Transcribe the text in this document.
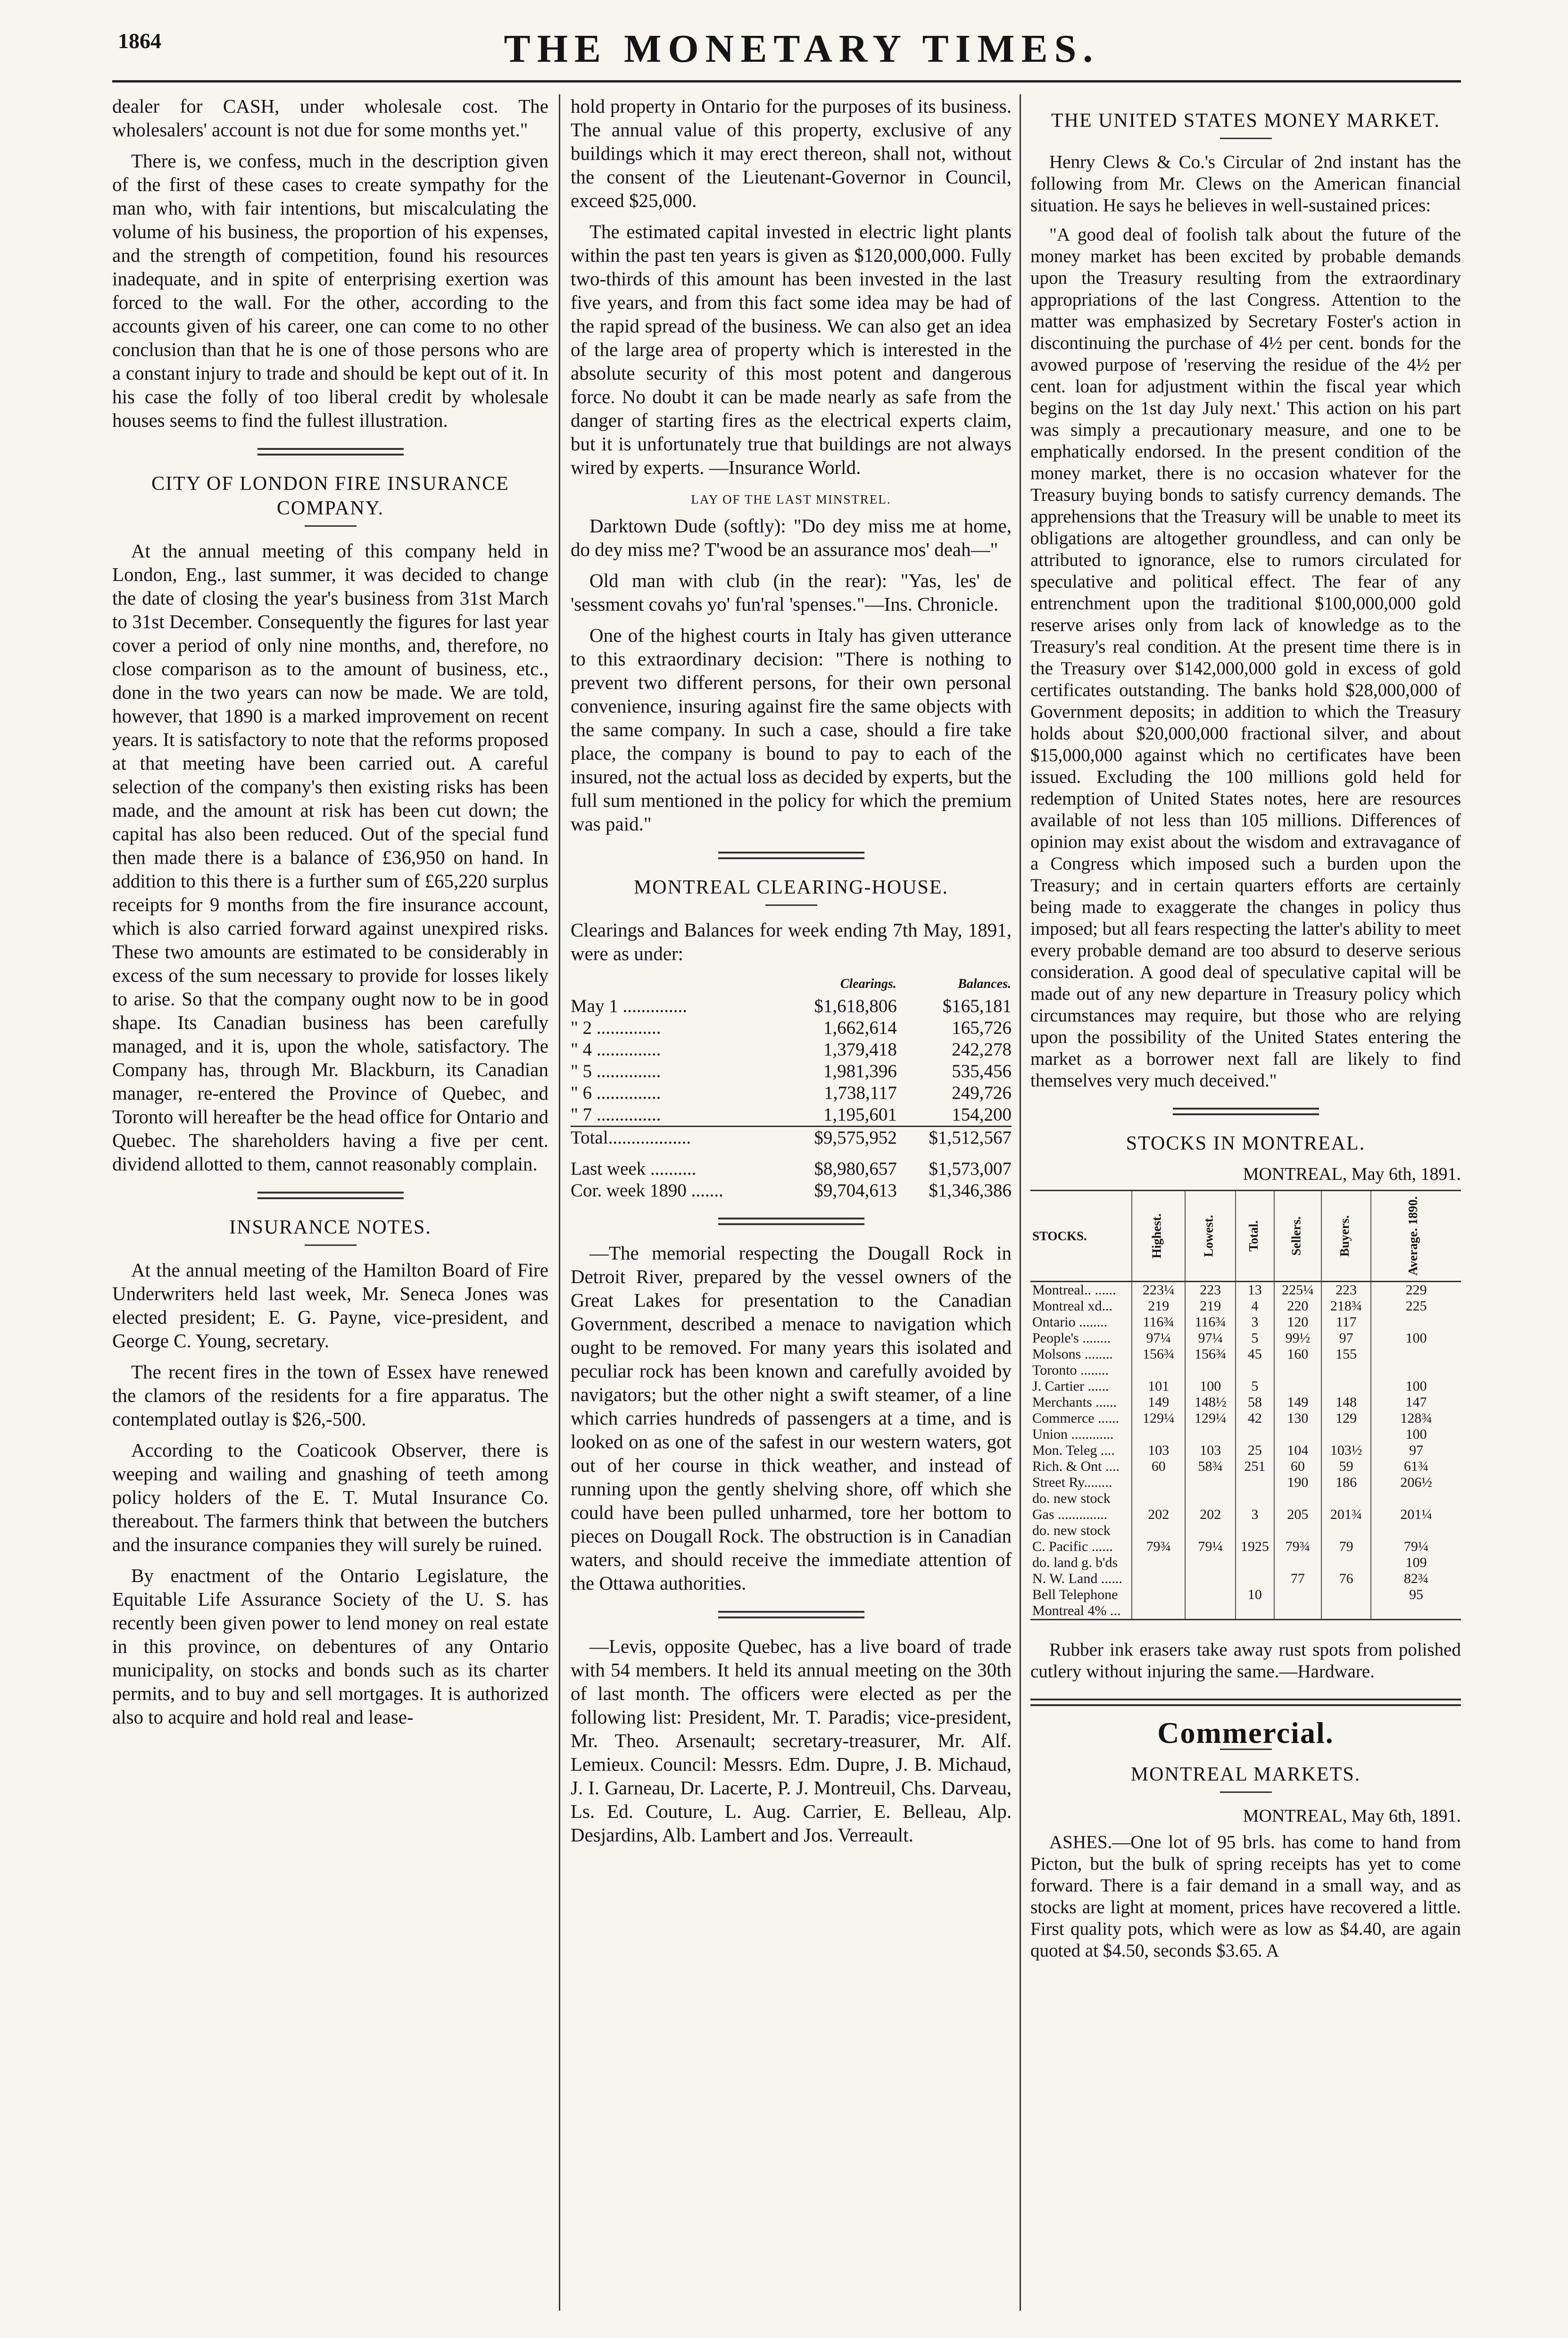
1864	THE MONETARY TIMES.

dealer for CASH, under wholesale cost. The wholesalers' account is not due for some months yet."

There is, we confess, much in the description given of the first of these cases to create sympathy for the man who, with fair intentions, but miscalculating the volume of his business, the proportion of his expenses, and the strength of competition, found his resources inadequate, and in spite of enterprising exertion was forced to the wall. For the other, according to the accounts given of his career, one can come to no other conclusion than that he is one of those persons who are a constant injury to trade and should be kept out of it. In his case the folly of too liberal credit by wholesale houses seems to find the fullest illustration.

CITY OF LONDON FIRE INSURANCE COMPANY.

At the annual meeting of this company held in London, Eng., last summer, it was decided to change the date of closing the year's business from 31st March to 31st December. Consequently the figures for last year cover a period of only nine months, and, therefore, no close comparison as to the amount of business, etc., done in the two years can now be made. We are told, however, that 1890 is a marked improvement on recent years. It is satisfactory to note that the reforms proposed at that meeting have been carried out. A careful selection of the company's then existing risks has been made, and the amount at risk has been cut down; the capital has also been reduced. Out of the special fund then made there is a balance of £36,950 on hand. In addition to this there is a further sum of £65,220 surplus receipts for 9 months from the fire insurance account, which is also carried forward against unexpired risks. These two amounts are estimated to be considerably in excess of the sum necessary to provide for losses likely to arise. So that the company ought now to be in good shape. Its Canadian business has been carefully managed, and it is, upon the whole, satisfactory. The Company has, through Mr. Blackburn, its Canadian manager, re-entered the Province of Quebec, and Toronto will hereafter be the head office for Ontario and Quebec. The shareholders having a five per cent. dividend allotted to them, cannot reasonably complain.

INSURANCE NOTES.

At the annual meeting of the Hamilton Board of Fire Underwriters held last week, Mr. Seneca Jones was elected president; E. G. Payne, vice-president, and George C. Young, secretary.

The recent fires in the town of Essex have renewed the clamors of the residents for a fire apparatus. The contemplated outlay is $26,-500.

According to the Coaticook Observer, there is weeping and wailing and gnashing of teeth among policy holders of the E. T. Mutal Insurance Co. thereabout. The farmers think that between the butchers and the insurance companies they will surely be ruined.

By enactment of the Ontario Legislature, the Equitable Life Assurance Society of the U. S. has recently been given power to lend money on real estate in this province, on debentures of any Ontario municipality, on stocks and bonds such as its charter permits, and to buy and sell mortgages. It is authorized also to acquire and hold real and lease-

hold property in Ontario for the purposes of its business. The annual value of this property, exclusive of any buildings which it may erect thereon, shall not, without the consent of the Lieutenant-Governor in Council, exceed $25,000.

The estimated capital invested in electric light plants within the past ten years is given as $120,000,000. Fully two-thirds of this amount has been invested in the last five years, and from this fact some idea may be had of the rapid spread of the business. We can also get an idea of the large area of property which is interested in the absolute security of this most potent and dangerous force. No doubt it can be made nearly as safe from the danger of starting fires as the electrical experts claim, but it is unfortunately true that buildings are not always wired by experts. —Insurance World.

LAY OF THE LAST MINSTREL.

Darktown Dude (softly): "Do dey miss me at home, do dey miss me? T'wood be an assurance mos' deah—"

Old man with club (in the rear): "Yas, les' de 'sessment covahs yo' fun'ral 'spenses."—Ins. Chronicle.

One of the highest courts in Italy has given utterance to this extraordinary decision: "There is nothing to prevent two different persons, for their own personal convenience, insuring against fire the same objects with the same company. In such a case, should a fire take place, the company is bound to pay to each of the insured, not the actual loss as decided by experts, but the full sum mentioned in the policy for which the premium was paid."

MONTREAL CLEARING-HOUSE.

Clearings and Balances for week ending 7th May, 1891, were as under:

	Clearings.	Balances.
May 1 ..............	$1,618,806	$165,181
" 2 ..............	1,662,614	165,726
" 4 ..............	1,379,418	242,278
" 5 ..............	1,981,396	535,456
" 6 ..............	1,738,117	249,726
" 7 ..............	1,195,601	154,200

Total..................	$9,575,952	$1,512,567

Last week ..........	$8,980,657	$1,573,007
Cor. week 1890 .......	$9,704,613	$1,346,386

—The memorial respecting the Dougall Rock in Detroit River, prepared by the vessel owners of the Great Lakes for presentation to the Canadian Government, described a menace to navigation which ought to be removed. For many years this isolated and peculiar rock has been known and carefully avoided by navigators; but the other night a swift steamer, of a line which carries hundreds of passengers at a time, and is looked on as one of the safest in our western waters, got out of her course in thick weather, and instead of running upon the gently shelving shore, off which she could have been pulled unharmed, tore her bottom to pieces on Dougall Rock. The obstruction is in Canadian waters, and should receive the immediate attention of the Ottawa authorities.

—Levis, opposite Quebec, has a live board of trade with 54 members. It held its annual meeting on the 30th of last month. The officers were elected as per the following list: President, Mr. T. Paradis; vice-president, Mr. Theo. Arsenault; secretary-treasurer, Mr. Alf. Lemieux. Council: Messrs. Edm. Dupre, J. B. Michaud, J. I. Garneau, Dr. Lacerte, P. J. Montreuil, Chs. Darveau, Ls. Ed. Couture, L. Aug. Carrier, E. Belleau, Alp. Desjardins, Alb. Lambert and Jos. Verreault.

THE UNITED STATES MONEY MARKET.

Henry Clews & Co.'s Circular of 2nd instant has the following from Mr. Clews on the American financial situation. He says he believes in well-sustained prices:

"A good deal of foolish talk about the future of the money market has been excited by probable demands upon the Treasury resulting from the extraordinary appropriations of the last Congress. Attention to the matter was emphasized by Secretary Foster's action in discontinuing the purchase of 4½ per cent. bonds for the avowed purpose of 'reserving the residue of the 4½ per cent. loan for adjustment within the fiscal year which begins on the 1st day July next.' This action on his part was simply a precautionary measure, and one to be emphatically endorsed. In the present condition of the money market, there is no occasion whatever for the Treasury buying bonds to satisfy currency demands. The apprehensions that the Treasury will be unable to meet its obligations are altogether groundless, and can only be attributed to ignorance, else to rumors circulated for speculative and political effect. The fear of any entrenchment upon the traditional $100,000,000 gold reserve arises only from lack of knowledge as to the Treasury's real condition. At the present time there is in the Treasury over $142,000,000 gold in excess of gold certificates outstanding. The banks hold $28,000,000 of Government deposits; in addition to which the Treasury holds about $20,000,000 fractional silver, and about $15,000,000 against which no certificates have been issued. Excluding the 100 millions gold held for redemption of United States notes, here are resources available of not less than 105 millions. Differences of opinion may exist about the wisdom and extravagance of a Congress which imposed such a burden upon the Treasury; and in certain quarters efforts are certainly being made to exaggerate the changes in policy thus imposed; but all fears respecting the latter's ability to meet every probable demand are too absurd to deserve serious consideration. A good deal of speculative capital will be made out of any new departure in Treasury policy which circumstances may require, but those who are relying upon the possibility of the United States entering the market as a borrower next fall are likely to find themselves very much deceived."

STOCKS IN MONTREAL.
MONTREAL, May 6th, 1891.
STOCKS.	Highest.	Lowest.	Total.	Sellers.	Buyers.	Average. 1890.
Montreal.. ......	223¼	223	13	225¼	223	229
Montreal xd...	219	219	4	220	218¾	225
Ontario ........	116¾	116¾	3	120	117	
People's ........	97¼	97¼	5	99½	97	100
Molsons ........	156¾	156¾	45	160	155	
Toronto ........						
J. Cartier ......	101	100	5			100
Merchants ......	149	148½	58	149	148	147
Commerce ......	129¼	129¼	42	130	129	128¾
Union ............						100
Mon. Teleg ....	103	103	25	104	103½	97
Rich. & Ont ....	60	58¾	251	60	59	61¾
Street Ry........				190	186	206½
do. new stock						
Gas ..............	202	202	3	205	201¾	201¼
do. new stock						
C. Pacific ......	79¾	79¼	1925	79¾	79	79¼
do. land g. b'ds						109
N. W. Land ......				77	76	82¾
Bell Telephone			10			95
Montreal 4% ...						

Rubber ink erasers take away rust spots from polished cutlery without injuring the same.—Hardware.

Commercial.
MONTREAL MARKETS.
MONTREAL, May 6th, 1891.

ASHES.—One lot of 95 brls. has come to hand from Picton, but the bulk of spring receipts has yet to come forward. There is a fair demand in a small way, and as stocks are light at moment, prices have recovered a little. First quality pots, which were as low as $4.40, are again quoted at $4.50, seconds $3.65. A
